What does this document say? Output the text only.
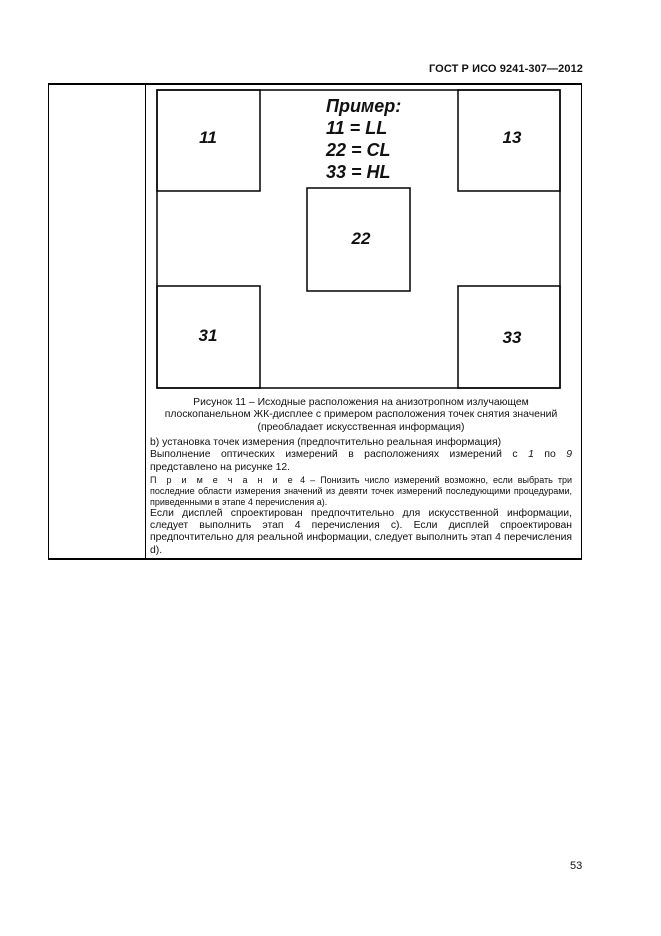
ГОСТ Р ИСО 9241-307—2012
11	13
22
31	33
Пример:
11 = LL
22 = CL
33 = HL
Рисунок 11 – Исходные расположения на анизотропном излучающем плоскопанельном ЖК-дисплее с примером расположения точек снятия значений (преобладает искусственная информация)
b) установка точек измерения (предпочтительно реальная информация)
Выполнение оптических измерений в расположениях измерений с 1 по 9 представлено на рисунке 12.
П р и м е ч а н и е 4 – Понизить число измерений возможно, если выбрать три последние области измерения значений из девяти точек измерений последующими процедурами, приведенными в этапе 4 перечисления а).
Если дисплей спроектирован предпочтительно для искусственной информации, следует выполнить этап 4 перечисления с). Если дисплей спроектирован предпочтительно для реальной информации, следует выполнить этап 4 перечисления d).
53
